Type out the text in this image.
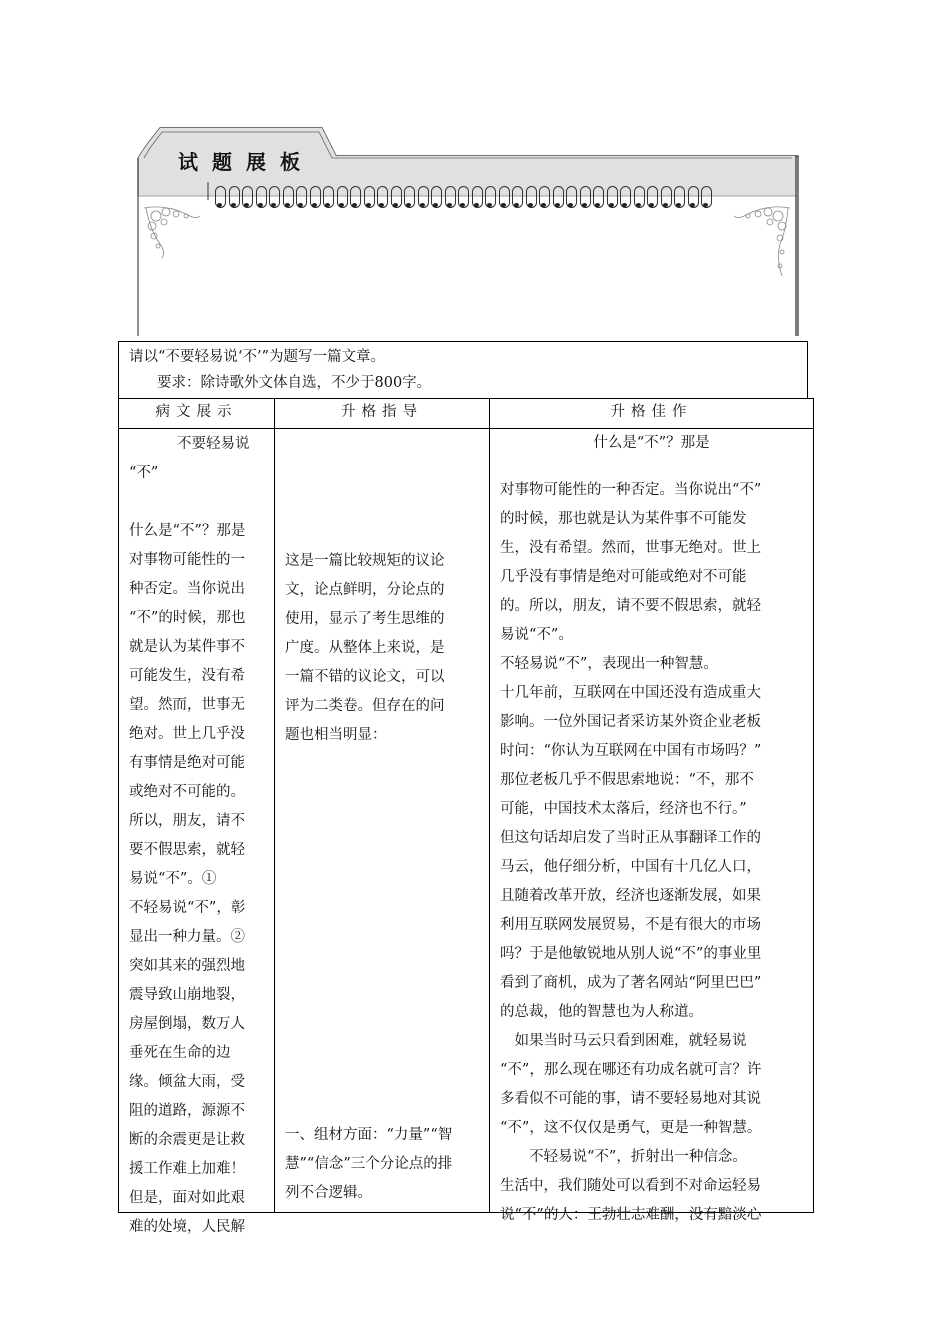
试 题 展 板

请以“不要轻易说‘不’”为题写一篇文章。

要求：除诗歌外文体自选，不少于800字。

病文展示
不要轻易说
“不”
什么是“不”？那是
对事物可能性的一
种否定。当你说出
“不”的时候，那也
就是认为某件事不
可能发生，没有希
望。然而，世事无
绝对。世上几乎没
有事情是绝对可能
或绝对不可能的。
所以，朋友，请不
要不假思索，就轻
易说“不”。①
不轻易说“不”，彰
显出一种力量。②
突如其来的强烈地
震导致山崩地裂，
房屋倒塌，数万人
垂死在生命的边
缘。倾盆大雨，受
阻的道路，源源不
断的余震更是让救
援工作难上加难！
但是，面对如此艰
难的处境，人民解
升格指导
这是一篇比较规矩的议论
文，论点鲜明，分论点的
使用，显示了考生思维的
广度。从整体上来说，是
一篇不错的议论文，可以
评为二类卷。但存在的问
题也相当明显：
一、组材方面：“力量”“智
慧”“信念”三个分论点的排
列不合逻辑。
升格佳作

什么是“不”？那是

对事物可能性的一种否定。当你说出“不”

的时候，那也就是认为某件事不可能发

生，没有希望。然而，世事无绝对。世上

几乎没有事情是绝对可能或绝对不可能

的。所以，朋友，请不要不假思索，就轻

易说“不”。

不轻易说“不”，表现出一种智慧。

十几年前，互联网在中国还没有造成重大

影响。一位外国记者采访某外资企业老板

时问：“你认为互联网在中国有市场吗？”

那位老板几乎不假思索地说：“不，那不

可能，中国技术太落后，经济也不行。”

但这句话却启发了当时正从事翻译工作的

马云，他仔细分析，中国有十几亿人口，

且随着改革开放，经济也逐渐发展，如果

利用互联网发展贸易，不是有很大的市场

吗？于是他敏锐地从别人说“不”的事业里

看到了商机，成为了著名网站“阿里巴巴”

的总裁，他的智慧也为人称道。

如果当时马云只看到困难，就轻易说

“不”，那么现在哪还有功成名就可言？许

多看似不可能的事，请不要轻易地对其说

“不”，这不仅仅是勇气，更是一种智慧。

不轻易说“不”，折射出一种信念。

生活中，我们随处可以看到不对命运轻易

说“不”的人：王勃壮志难酬，没有黯淡心
